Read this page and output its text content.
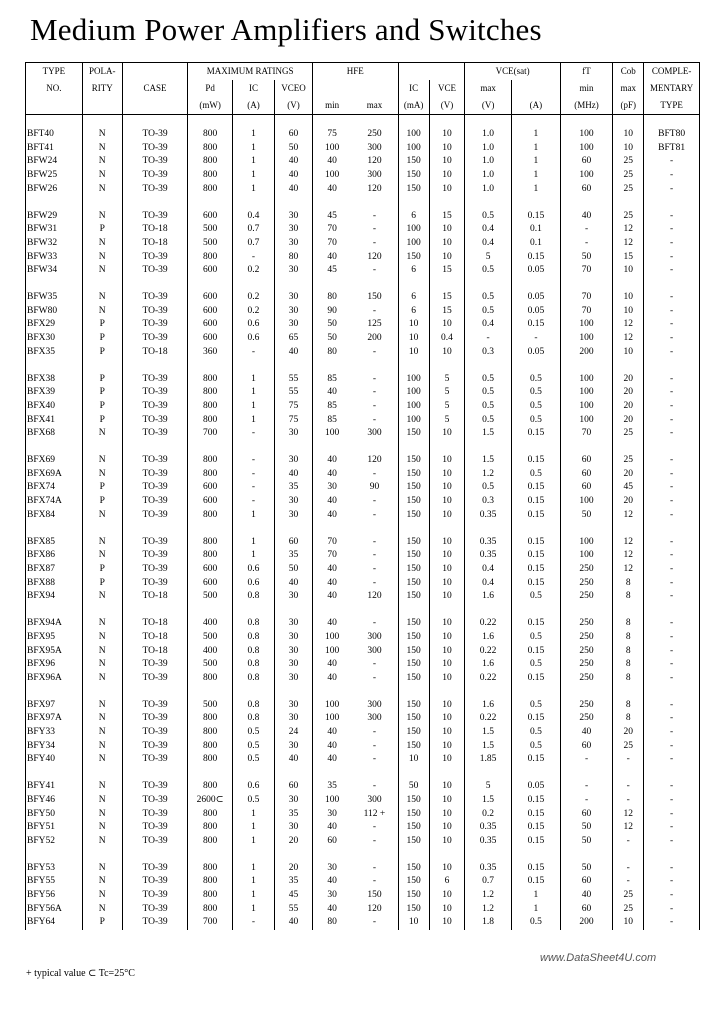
Medium Power Amplifiers and Switches
TYPE	POLA-		MAXIMUM RATINGS			HFE				VCE(sat)		fT	Cob	COMPLE-
NO.	RITY	CASE	Pd	IC	VCEO			IC	VCE	max		min	max	MENTARY
			(mW)	(A)	(V)	min	max	(mA)	(V)	(V)	(A)	(MHz)	(pF)	TYPE

BFT40	N	TO-39	800	1	60	75	250	100	10	1.0	1	100	10	BFT80
BFT41	N	TO-39	800	1	50	100	300	100	10	1.0	1	100	10	BFT81
BFW24	N	TO-39	800	1	40	40	120	150	10	1.0	1	60	25	-
BFW25	N	TO-39	800	1	40	100	300	150	10	1.0	1	100	25	-
BFW26	N	TO-39	800	1	40	40	120	150	10	1.0	1	60	25	-

BFW29	N	TO-39	600	0.4	30	45	-	6	15	0.5	0.15	40	25	-
BFW31	P	TO-18	500	0.7	30	70	-	100	10	0.4	0.1	-	12	-
BFW32	N	TO-18	500	0.7	30	70	-	100	10	0.4	0.1	-	12	-
BFW33	N	TO-39	800	-	80	40	120	150	10	5	0.15	50	15	-
BFW34	N	TO-39	600	0.2	30	45	-	6	15	0.5	0.05	70	10	-

BFW35	N	TO-39	600	0.2	30	80	150	6	15	0.5	0.05	70	10	-
BFW80	N	TO-39	600	0.2	30	90	-	6	15	0.5	0.05	70	10	-
BFX29	P	TO-39	600	0.6	30	50	125	10	10	0.4	0.15	100	12	-
BFX30	P	TO-39	600	0.6	65	50	200	10	0.4	-	-	100	12	-
BFX35	P	TO-18	360	-	40	80	-	10	10	0.3	0.05	200	10	-

BFX38	P	TO-39	800	1	55	85	-	100	5	0.5	0.5	100	20	-
BFX39	P	TO-39	800	1	55	40	-	100	5	0.5	0.5	100	20	-
BFX40	P	TO-39	800	1	75	85	-	100	5	0.5	0.5	100	20	-
BFX41	P	TO-39	800	1	75	85	-	100	5	0.5	0.5	100	20	-
BFX68	N	TO-39	700	-	30	100	300	150	10	1.5	0.15	70	25	-

BFX69	N	TO-39	800	-	30	40	120	150	10	1.5	0.15	60	25	-
BFX69A	N	TO-39	800	-	40	40	-	150	10	1.2	0.5	60	20	-
BFX74	P	TO-39	600	-	35	30	90	150	10	0.5	0.15	60	45	-
BFX74A	P	TO-39	600	-	30	40	-	150	10	0.3	0.15	100	20	-
BFX84	N	TO-39	800	1	30	40	-	150	10	0.35	0.15	50	12	-

BFX85	N	TO-39	800	1	60	70	-	150	10	0.35	0.15	100	12	-
BFX86	N	TO-39	800	1	35	70	-	150	10	0.35	0.15	100	12	-
BFX87	P	TO-39	600	0.6	50	40	-	150	10	0.4	0.15	250	12	-
BFX88	P	TO-39	600	0.6	40	40	-	150	10	0.4	0.15	250	8	-
BFX94	N	TO-18	500	0.8	30	40	120	150	10	1.6	0.5	250	8	-

BFX94A	N	TO-18	400	0.8	30	40	-	150	10	0.22	0.15	250	8	-
BFX95	N	TO-18	500	0.8	30	100	300	150	10	1.6	0.5	250	8	-
BFX95A	N	TO-18	400	0.8	30	100	300	150	10	0.22	0.15	250	8	-
BFX96	N	TO-39	500	0.8	30	40	-	150	10	1.6	0.5	250	8	-
BFX96A	N	TO-39	800	0.8	30	40	-	150	10	0.22	0.15	250	8	-

BFX97	N	TO-39	500	0.8	30	100	300	150	10	1.6	0.5	250	8	-
BFX97A	N	TO-39	800	0.8	30	100	300	150	10	0.22	0.15	250	8	-
BFY33	N	TO-39	800	0.5	24	40	-	150	10	1.5	0.5	40	20	-
BFY34	N	TO-39	800	0.5	30	40	-	150	10	1.5	0.5	60	25	-
BFY40	N	TO-39	800	0.5	40	40	-	10	10	1.85	0.15	-	-	-

BFY41	N	TO-39	800	0.6	60	35	-	50	10	5	0.05	-	-	-
BFY46	N	TO-39	2600⊂	0.5	30	100	300	150	10	1.5	0.15	-	-	-
BFY50	N	TO-39	800	1	35	30	112 +	150	10	0.2	0.15	60	12	-
BFY51	N	TO-39	800	1	30	40	-	150	10	0.35	0.15	50	12	-
BFY52	N	TO-39	800	1	20	60	-	150	10	0.35	0.15	50	-	-

BFY53	N	TO-39	800	1	20	30	-	150	10	0.35	0.15	50	-	-
BFY55	N	TO-39	800	1	35	40	-	150	6	0.7	0.15	60	-	-
BFY56	N	TO-39	800	1	45	30	150	150	10	1.2	1	40	25	-
BFY56A	N	TO-39	800	1	55	40	120	150	10	1.2	1	60	25	-
BFY64	P	TO-39	700	-	40	80	-	10	10	1.8	0.5	200	10	-
www.DataSheet4U.com
+ typical value ⊂ Tc=25°C
